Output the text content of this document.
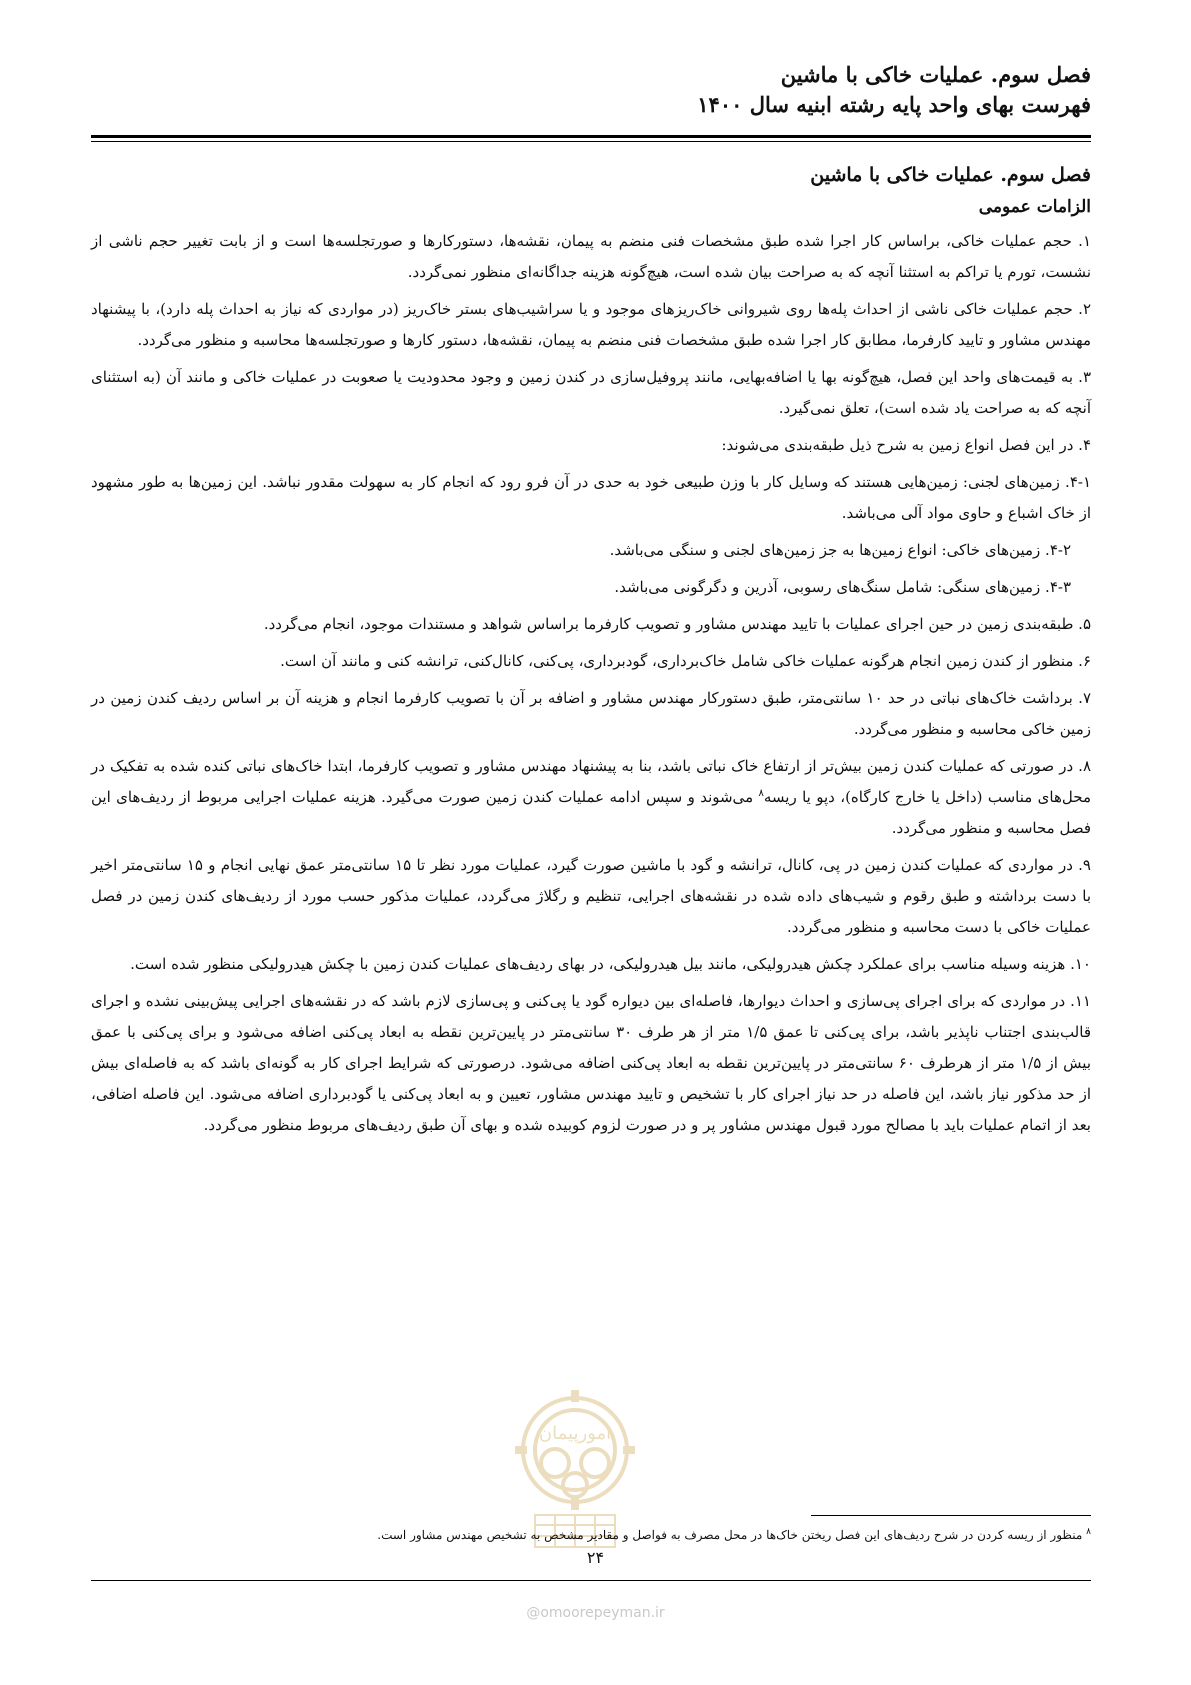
فصل سوم. عملیات خاکی با ماشین

فهرست بهای واحد پایه رشته ابنیه سال ۱۴۰۰

فصل سوم. عملیات خاکی با ماشین
الزامات عمومی

۱. حجم عملیات خاکی، براساس کار اجرا شده طبق مشخصات فنی منضم به پیمان، نقشه‌ها، دستورکارها و صورتجلسه‌ها است و از بابت تغییر حجم ناشی از نشست، تورم یا تراکم به استثنا آنچه که به صراحت بیان شده است، هیچ‌گونه هزینه جداگانه‌ای منظور نمی‌گردد.

۲. حجم عملیات خاکی ناشی از احداث پله‌ها روی شیروانی خاک‌ریزهای موجود و یا سراشیب‌های بستر خاک‌ریز (در مواردی که نیاز به احداث پله دارد)، با پیشنهاد مهندس مشاور و تایید کارفرما، مطابق کار اجرا شده طبق مشخصات فنی منضم به پیمان، نقشه‌ها، دستور کارها و صورتجلسه‌ها محاسبه و منظور می‌گردد.

۳. به قیمت‌های واحد این فصل، هیچ‌گونه بها یا اضافه‌بهایی، مانند پروفیل‌سازی در کندن زمین و وجود محدودیت یا صعوبت در عملیات خاکی و مانند آن (به استثنای آنچه که به صراحت یاد شده است)، تعلق نمی‌گیرد.

۴. در این فصل انواع زمین به شرح ذیل طبقه‌بندی می‌شوند:

۴-۱. زمین‌های لجنی: زمین‌هایی هستند که وسایل کار با وزن طبیعی خود به حدی در آن فرو رود که انجام کار به سهولت مقدور نباشد. این زمین‌ها به طور مشهود از خاک اشباع و حاوی مواد آلی می‌باشد.

۴-۲. زمین‌های خاکی: انواع زمین‌ها به جز زمین‌های لجنی و سنگی می‌باشد.

۴-۳. زمین‌های سنگی: شامل سنگ‌های رسوبی، آذرین و دگرگونی می‌باشد.

۵. طبقه‌بندی زمین در حین اجرای عملیات با تایید مهندس مشاور و تصویب کارفرما براساس شواهد و مستندات موجود، انجام می‌گردد.

۶. منظور از کندن زمین انجام هرگونه عملیات خاکی شامل خاک‌برداری، گودبرداری، پی‌کنی، کانال‌کنی، ترانشه کنی و مانند آن است.

۷. برداشت خاک‌های نباتی در حد ۱۰ سانتی‌متر، طبق دستورکار مهندس مشاور و اضافه بر آن با تصویب کارفرما انجام و هزینه آن بر اساس ردیف کندن زمین در زمین خاکی محاسبه و منظور می‌گردد.

۸. در صورتی که عملیات کندن زمین بیش‌تر از ارتفاع خاک نباتی باشد، بنا به پیشنهاد مهندس مشاور و تصویب کارفرما، ابتدا خاک‌های نباتی کنده شده به تفکیک در محل‌های مناسب (داخل یا خارج کارگاه)، دپو یا ریسه$^۸$ می‌شوند و سپس ادامه عملیات کندن زمین صورت می‌گیرد. هزینه عملیات اجرایی مربوط از ردیف‌های این فصل محاسبه و منظور می‌گردد.

۹. در مواردی که عملیات کندن زمین در پی، کانال، ترانشه و گود با ماشین صورت گیرد، عملیات مورد نظر تا ۱۵ سانتی‌متر عمق نهایی انجام و ۱۵ سانتی‌متر اخیر با دست برداشته و طبق رقوم و شیب‌های داده شده در نقشه‌های اجرایی، تنظیم و رگلاژ می‌گردد، عملیات مذکور حسب مورد از ردیف‌های کندن زمین در فصل عملیات خاکی با دست محاسبه و منظور می‌گردد.

۱۰. هزینه وسیله مناسب برای عملکرد چکش هیدرولیکی، مانند بیل هیدرولیکی، در بهای ردیف‌های عملیات کندن زمین با چکش هیدرولیکی منظور شده است.

۱۱. در مواردی که برای اجرای پی‌سازی و احداث دیوارها، فاصله‌ای بین دیواره گود یا پی‌کنی و پی‌سازی لازم باشد که در نقشه‌های اجرایی پیش‌بینی نشده و اجرای قالب‌بندی اجتناب ناپذیر باشد، برای پی‌کنی تا عمق ۱/۵ متر از هر طرف ۳۰ سانتی‌متر در پایین‌ترین نقطه به ابعاد پی‌کنی اضافه می‌شود و برای پی‌کنی با عمق بیش از ۱/۵ متر از هرطرف ۶۰ سانتی‌متر در پایین‌ترین نقطه به ابعاد پی‌کنی اضافه می‌شود. درصورتی که شرایط اجرای کار به گونه‌ای باشد که به فاصله‌ای بیش از حد مذکور نیاز باشد، این فاصله در حد نیاز اجرای کار با تشخیص و تایید مهندس مشاور، تعیین و به ابعاد پی‌کنی یا گودبرداری اضافه می‌شود. این فاصله اضافی، بعد از اتمام عملیات باید با مصالح مورد قبول مهندس مشاور پر و در صورت لزوم کوبیده شده و بهای آن طبق ردیف‌های مربوط منظور می‌گردد.

امورپیمان
$^۸$ منظور از ریسه کردن در شرح ردیف‌های این فصل ریختن خاک‌ها در محل مصرف به فواصل و مقادیر مشخص به تشخیص مهندس مشاور است.
۲۴
@omoorepeyman.ir
